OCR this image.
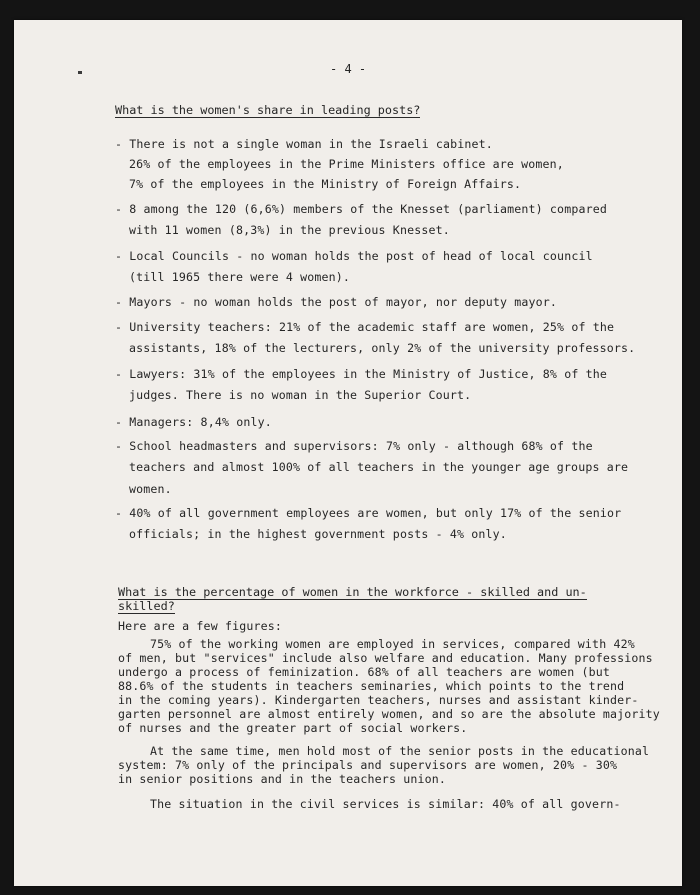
- 4 -
What is the women's share in leading posts?
- There is not a single woman in the Israeli cabinet.
26% of the employees in the Prime Ministers office are women,
7% of the employees in the Ministry of Foreign Affairs.
- 8 among the 120 (6,6%) members of the Knesset (parliament) compared
with 11 women (8,3%) in the previous Knesset.
- Local Councils - no woman holds the post of head of local council
(till 1965 there were 4 women).
- Mayors - no woman holds the post of mayor, nor deputy mayor.
- University teachers: 21% of the academic staff are women, 25% of the
assistants, 18% of the lecturers, only 2% of the university professors.
- Lawyers: 31% of the employees in the Ministry of Justice, 8% of the
judges. There is no woman in the Superior Court.
- Managers: 8,4% only.
- School headmasters and supervisors: 7% only - although 68% of the
teachers and almost 100% of all teachers in the younger age groups are
women.
- 40% of all government employees are women, but only 17% of the senior
officials; in the highest government posts - 4% only.
What is the percentage of women in the workforce - skilled and un-
skilled?
Here are a few figures:
75% of the working women are employed in services, compared with 42%
of men, but "services" include also welfare and education. Many professions
undergo a process of feminization. 68% of all teachers are women (but
88.6% of the students in teachers seminaries, which points to the trend
in the coming years). Kindergarten teachers, nurses and assistant kinder-
garten personnel are almost entirely women, and so are the absolute majority
of nurses and the greater part of social workers.
At the same time, men hold most of the senior posts in the educational
system: 7% only of the principals and supervisors are women, 20% - 30%
in senior positions and in the teachers union.
The situation in the civil services is similar: 40% of all govern-
